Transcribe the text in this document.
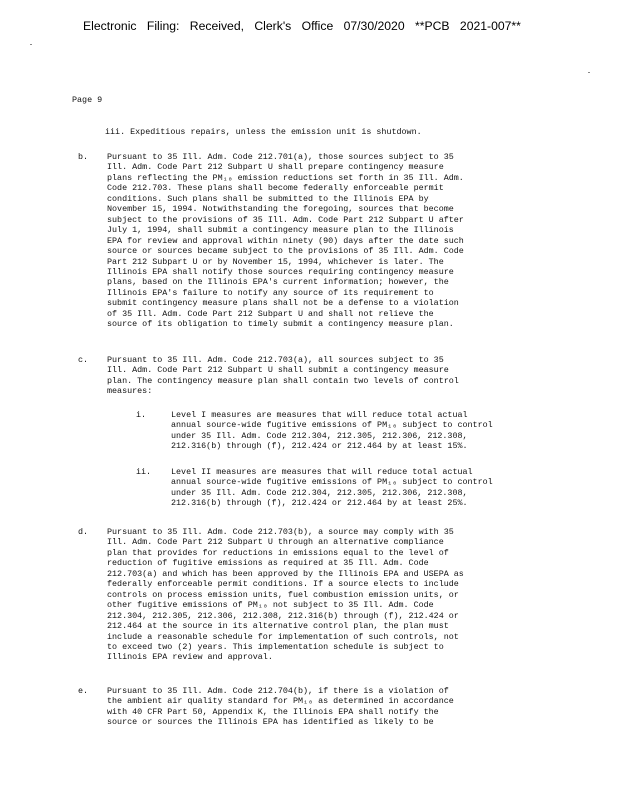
Electronic Filing: Received, Clerk's Office 07/30/2020 **PCB 2021-007**
Page 9
iii. Expeditious repairs, unless the emission unit is shutdown.
b. Pursuant to 35 Ill. Adm. Code 212.701(a), those sources subject to 35
Ill. Adm. Code Part 212 Subpart U shall prepare contingency measure
plans reflecting the PM₁₀ emission reductions set forth in 35 Ill. Adm.
Code 212.703. These plans shall become federally enforceable permit
conditions. Such plans shall be submitted to the Illinois EPA by
November 15, 1994. Notwithstanding the foregoing, sources that become
subject to the provisions of 35 Ill. Adm. Code Part 212 Subpart U after
July 1, 1994, shall submit a contingency measure plan to the Illinois
EPA for review and approval within ninety (90) days after the date such
source or sources became subject to the provisions of 35 Ill. Adm. Code
Part 212 Subpart U or by November 15, 1994, whichever is later. The
Illinois EPA shall notify those sources requiring contingency measure
plans, based on the Illinois EPA's current information; however, the
Illinois EPA's failure to notify any source of its requirement to
submit contingency measure plans shall not be a defense to a violation
of 35 Ill. Adm. Code Part 212 Subpart U and shall not relieve the
source of its obligation to timely submit a contingency measure plan.
c. Pursuant to 35 Ill. Adm. Code 212.703(a), all sources subject to 35
Ill. Adm. Code Part 212 Subpart U shall submit a contingency measure
plan. The contingency measure plan shall contain two levels of control
measures:
i.	Level I measures are measures that will reduce total actual
annual source-wide fugitive emissions of PM₁₀ subject to control
under 35 Ill. Adm. Code 212.304, 212.305, 212.306, 212.308,
212.316(b) through (f), 212.424 or 212.464 by at least 15%.
ii. Level II measures are measures that will reduce total actual
annual source-wide fugitive emissions of PM₁₀ subject to control
under 35 Ill. Adm. Code 212.304, 212.305, 212.306, 212.308,
212.316(b) through (f), 212.424 or 212.464 by at least 25%.
d. Pursuant to 35 Ill. Adm. Code 212.703(b), a source may comply with 35
Ill. Adm. Code Part 212 Subpart U through an alternative compliance
plan that provides for reductions in emissions equal to the level of
reduction of fugitive emissions as required at 35 Ill. Adm. Code
212.703(a) and which has been approved by the Illinois EPA and USEPA as
federally enforceable permit conditions. If a source elects to include
controls on process emission units, fuel combustion emission units, or
other fugitive emissions of PM₁₀ not subject to 35 Ill. Adm. Code
212.304, 212.305, 212.306, 212.308, 212.316(b) through (f), 212.424 or
212.464 at the source in its alternative control plan, the plan must
include a reasonable schedule for implementation of such controls, not
to exceed two (2) years. This implementation schedule is subject to
Illinois EPA review and approval.
e. Pursuant to 35 Ill. Adm. Code 212.704(b), if there is a violation of
the ambient air quality standard for PM₁₀ as determined in accordance
with 40 CFR Part 50, Appendix K, the Illinois EPA shall notify the
source or sources the Illinois EPA has identified as likely to be
